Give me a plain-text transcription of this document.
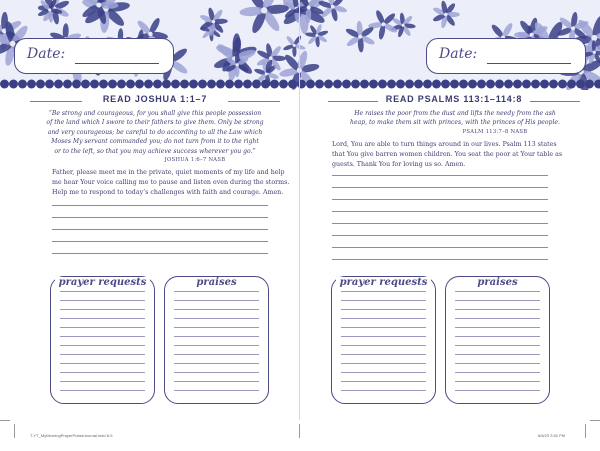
Date:
READ JOSHUA 1:1–7
“Be strong and courageous, for you shall give this people possession
of the land which I swore to their fathers to give them. Only be strong
and very courageous; be careful to do according to all the Law which
Moses My servant commanded you; do not turn from it to the right
or to the left, so that you may achieve success wherever you go.”
JOSHUA 1:6–7 NASB
Father, please meet me in the private, quiet moments of my life and help
me hear Your voice calling me to pause and listen even during the storms.
Help me to respond to today’s challenges with faith and courage. Amen.
prayer requests	praises
Date:
READ PSALMS 113:1–114:8
He raises the poor from the dust and lifts the needy from the ash
heap, to make them sit with princes, with the princes of His people.
PSALM 113:7–8 NASB
Lord, You are able to turn things around in our lives. Psalm 113 states
that You give barren women children. You seat the poor at Your table as
guests. Thank You for loving us so. Amen.
prayer requests	praises
T-YT_MyMorningPrayerPraiseJournal.indd 8-9	6/6/23 3:52 PM
